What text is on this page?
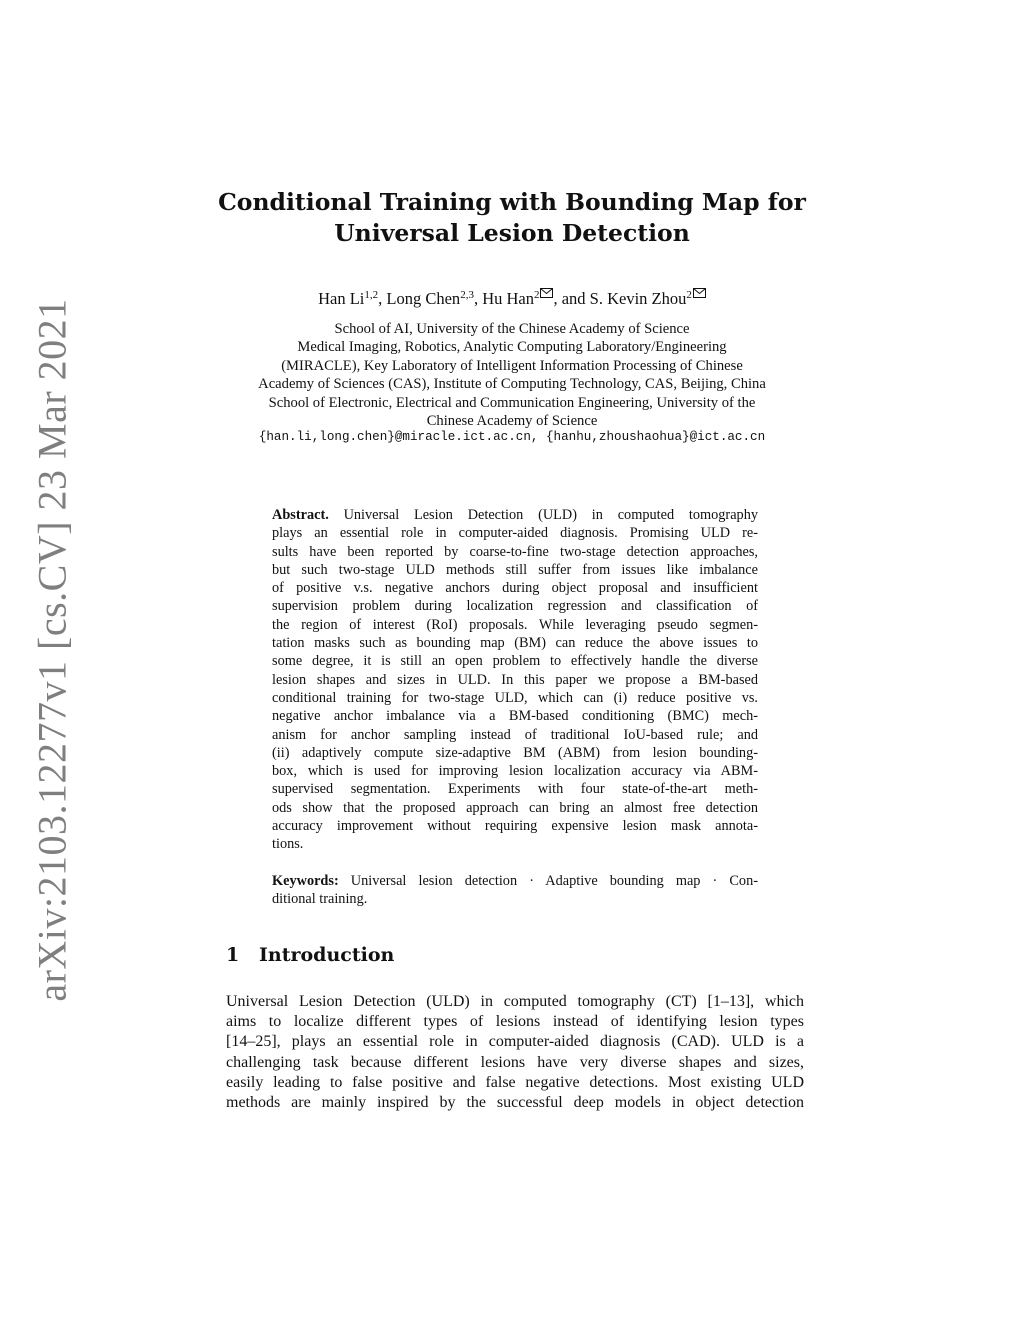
arXiv:2103.12277v1 [cs.CV] 23 Mar 2021
Conditional Training with Bounding Map for
Universal Lesion Detection
Han Li$^{1,2}$, Long Chen$^{2,3}$, Hu Han$^2$ , and S. Kevin Zhou$^2$
School of AI, University of the Chinese Academy of Science
Medical Imaging, Robotics, Analytic Computing Laboratory/Engineering
(MIRACLE), Key Laboratory of Intelligent Information Processing of Chinese
Academy of Sciences (CAS), Institute of Computing Technology, CAS, Beijing, China
School of Electronic, Electrical and Communication Engineering, University of the
Chinese Academy of Science
{han.li,long.chen}@miracle.ict.ac.cn, {hanhu,zhoushaohua}@ict.ac.cn
Abstract. Universal Lesion Detection (ULD) in computed tomography
plays an essential role in computer-aided diagnosis. Promising ULD re-
sults have been reported by coarse-to-fine two-stage detection approaches,
but such two-stage ULD methods still suffer from issues like imbalance
of positive v.s. negative anchors during object proposal and insufficient
supervision problem during localization regression and classification of
the region of interest (RoI) proposals. While leveraging pseudo segmen-
tation masks such as bounding map (BM) can reduce the above issues to
some degree, it is still an open problem to effectively handle the diverse
lesion shapes and sizes in ULD. In this paper we propose a BM-based
conditional training for two-stage ULD, which can (i) reduce positive vs.
negative anchor imbalance via a BM-based conditioning (BMC) mech-
anism for anchor sampling instead of traditional IoU-based rule; and
(ii) adaptively compute size-adaptive BM (ABM) from lesion bounding-
box, which is used for improving lesion localization accuracy via ABM-
supervised segmentation. Experiments with four state-of-the-art meth-
ods show that the proposed approach can bring an almost free detection
accuracy improvement without requiring expensive lesion mask annota-
tions.
Keywords: Universal lesion detection · Adaptive bounding map · Con-
ditional training.
1 Introduction
Universal Lesion Detection (ULD) in computed tomography (CT) [1–13], which
aims to localize different types of lesions instead of identifying lesion types
[14–25], plays an essential role in computer-aided diagnosis (CAD). ULD is a
challenging task because different lesions have very diverse shapes and sizes,
easily leading to false positive and false negative detections. Most existing ULD
methods are mainly inspired by the successful deep models in object detection
